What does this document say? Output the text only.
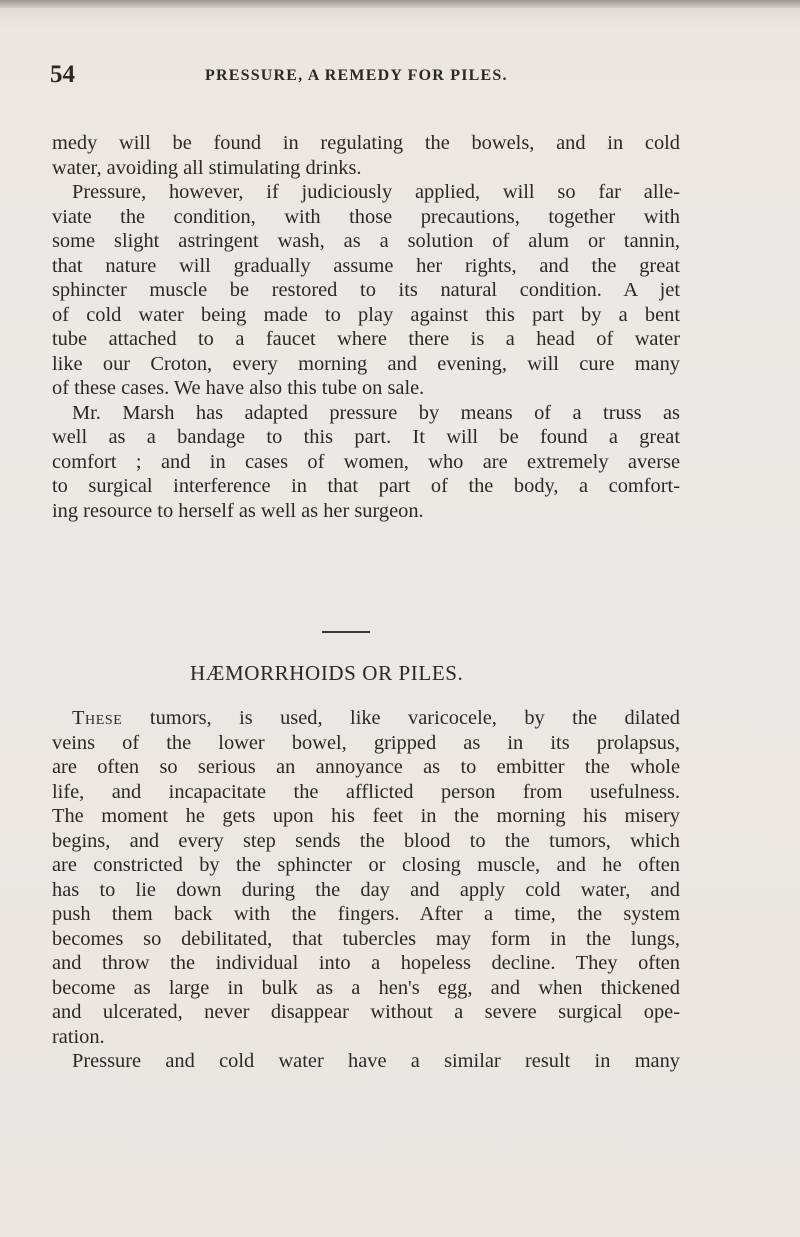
54	PRESSURE, A REMEDY FOR PILES.
medy will be found in regulating the bowels, and in cold
water, avoiding all stimulating drinks.
Pressure, however, if judiciously applied, will so far alle-
viate the condition, with those precautions, together with
some slight astringent wash, as a solution of alum or tannin,
that nature will gradually assume her rights, and the great
sphincter muscle be restored to its natural condition. A jet
of cold water being made to play against this part by a bent
tube attached to a faucet where there is a head of water
like our Croton, every morning and evening, will cure many
of these cases. We have also this tube on sale.
Mr. Marsh has adapted pressure by means of a truss as
well as a bandage to this part. It will be found a great
comfort ; and in cases of women, who are extremely averse
to surgical interference in that part of the body, a comfort-
ing resource to herself as well as her surgeon.
HÆMORRHOIDS OR PILES.
These tumors, is used, like varicocele, by the dilated
veins of the lower bowel, gripped as in its prolapsus,
are often so serious an annoyance as to embitter the whole
life, and incapacitate the afflicted person from usefulness.
The moment he gets upon his feet in the morning his misery
begins, and every step sends the blood to the tumors, which
are constricted by the sphincter or closing muscle, and he often
has to lie down during the day and apply cold water, and
push them back with the fingers. After a time, the system
becomes so debilitated, that tubercles may form in the lungs,
and throw the individual into a hopeless decline. They often
become as large in bulk as a hen's egg, and when thickened
and ulcerated, never disappear without a severe surgical ope-
ration.
Pressure and cold water have a similar result in many
